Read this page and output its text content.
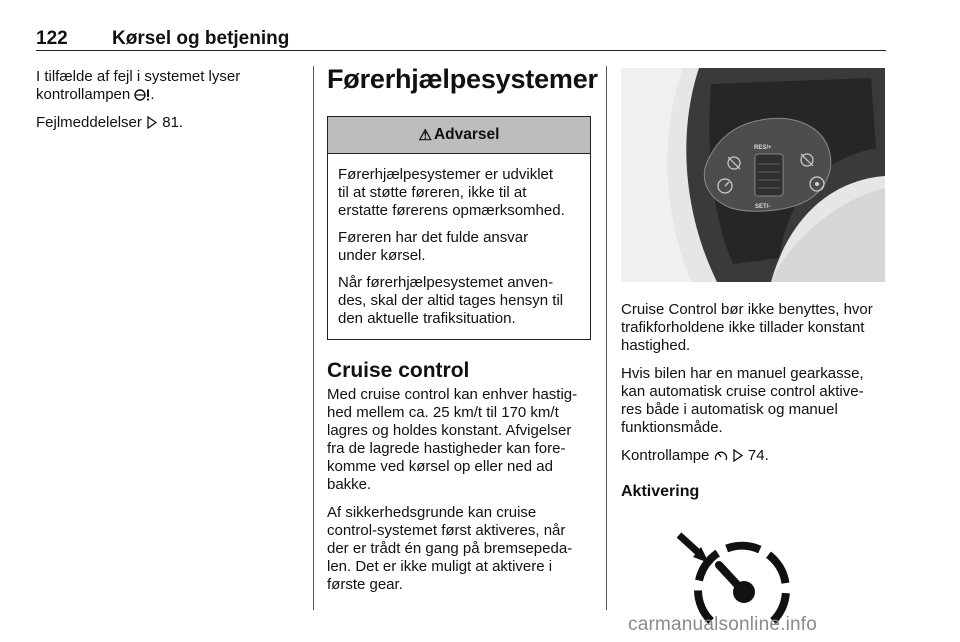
122 Kørsel og betjening

I tilfælde af fejl i systemet lyser
kontrollampen .

Fejlmeddelelser 81.

Førerhjælpesystemer
⚠ Advarsel

Førerhjælpesystemer er udviklet
til at støtte føreren, ikke til at
erstatte førerens opmærksomhed.

Føreren har det fulde ansvar
under kørsel.

Når førerhjælpesystemet anven-
des, skal der altid tages hensyn til
den aktuelle trafiksituation.

Cruise control

Med cruise control kan enhver hastig-
hed mellem ca. 25 km/t til 170 km/t
lagres og holdes konstant. Afvigelser
fra de lagrede hastigheder kan fore-
komme ved kørsel op eller ned ad
bakke.

Af sikkerhedsgrunde kan cruise
control-systemet først aktiveres, når
der er trådt én gang på bremsepeda-
len. Det er ikke muligt at aktivere i
første gear.

RES/+
SET/-

Cruise Control bør ikke benyttes, hvor
trafikforholdene ikke tillader konstant
hastighed.

Hvis bilen har en manuel gearkasse,
kan automatisk cruise control aktive-
res både i automatisk og manuel
funktionsmåde.

Kontrollampe	74.

Aktivering
carmanualsonline.info
